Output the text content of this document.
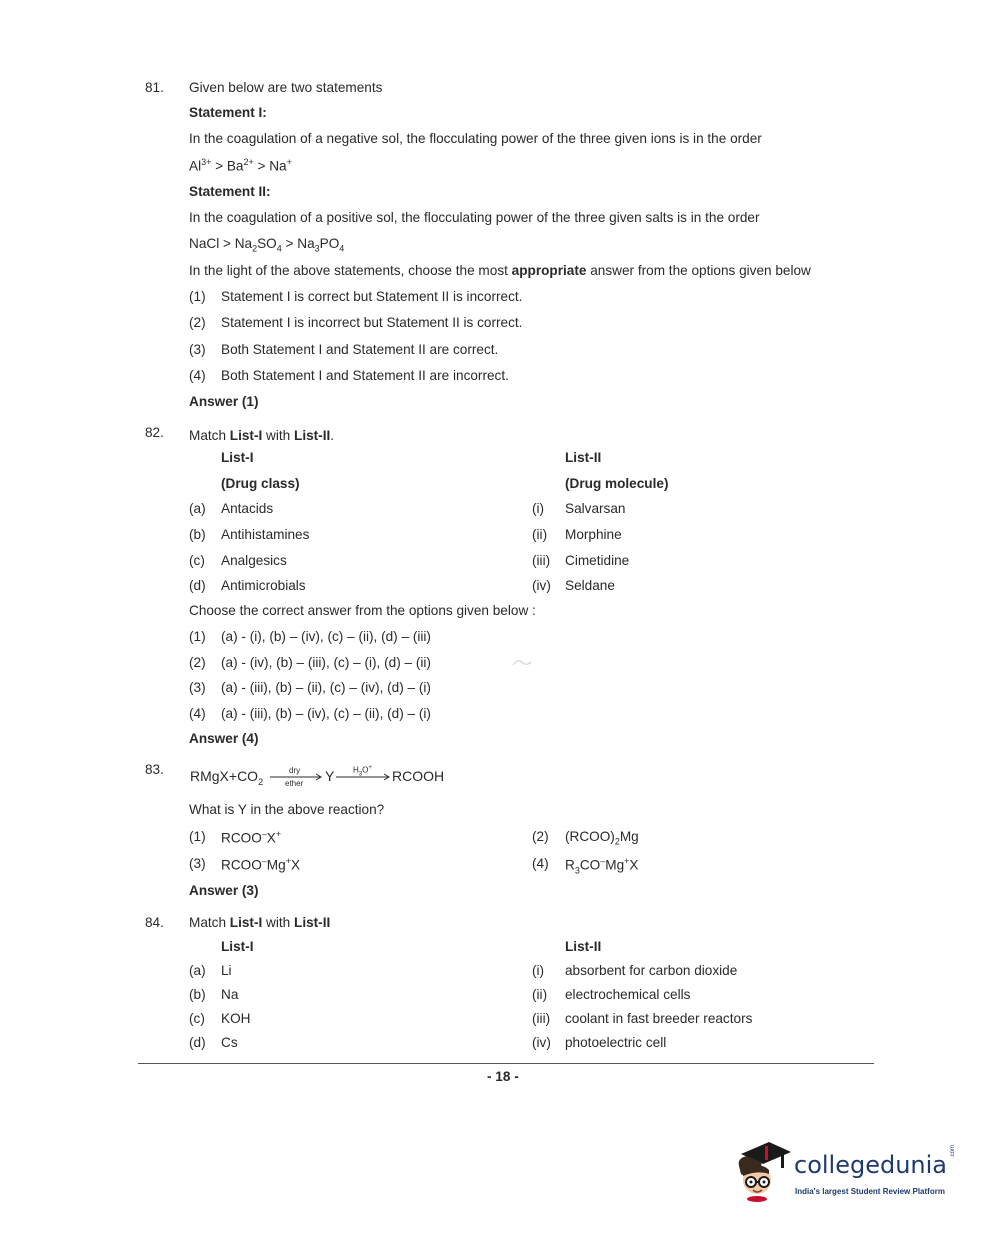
81. Given below are two statements
Statement I:
In the coagulation of a negative sol, the flocculating power of the three given ions is in the order
$Al^{3+} > Ba^{2+} > Na^+$
Statement II:
In the coagulation of a positive sol, the flocculating power of the three given salts is in the order
NaCl > $Na_2SO_4 > Na_3PO_4$
In the light of the above statements, choose the most appropriate answer from the options given below
(1) Statement I is correct but Statement II is incorrect.
(2) Statement I is incorrect but Statement II is correct.
(3) Both Statement I and Statement II are correct.
(4) Both Statement I and Statement II are incorrect.
Answer (1)
82. Match List-I with List-II.
List-I	List-II
(Drug class)	(Drug molecule)
(a) Antacids	(i) Salvarsan
(b) Antihistamines	(ii) Morphine
(c) Analgesics	(iii) Cimetidine
(d) Antimicrobials	(iv) Seldane
Choose the correct answer from the options given below :
(1) (a) - (i), (b) – (iv), (c) – (ii), (d) – (iii)
(2) (a) - (iv), (b) – (iii), (c) – (i), (d) – (ii)
(3) (a) - (iii), (b) – (ii), (c) – (iv), (d) – (i)
(4) (a) - (iii), (b) – (iv), (c) – (ii), (d) – (i)
Answer (4)
83. $RMgX+CO_2$
dry
ether Y $H_3O^+$ RCOOH
What is Y in the above reaction?
(1) RCOO–X+	(2) $(RCOO)_2Mg$
(3) RCOO–Mg+X	(4) $R_3CO^-Mg^+X$
Answer (3)
84. Match List-I with List-II
List-I	List-II
(a) Li	(i) absorbent for carbon dioxide
(b) Na	(ii) electrochemical cells
(c) KOH	(iii) coolant in fast breeder reactors
(d) Cs	(iv) photoelectric cell
- 18 -
collegedunia .com
India's largest Student Review Platform
